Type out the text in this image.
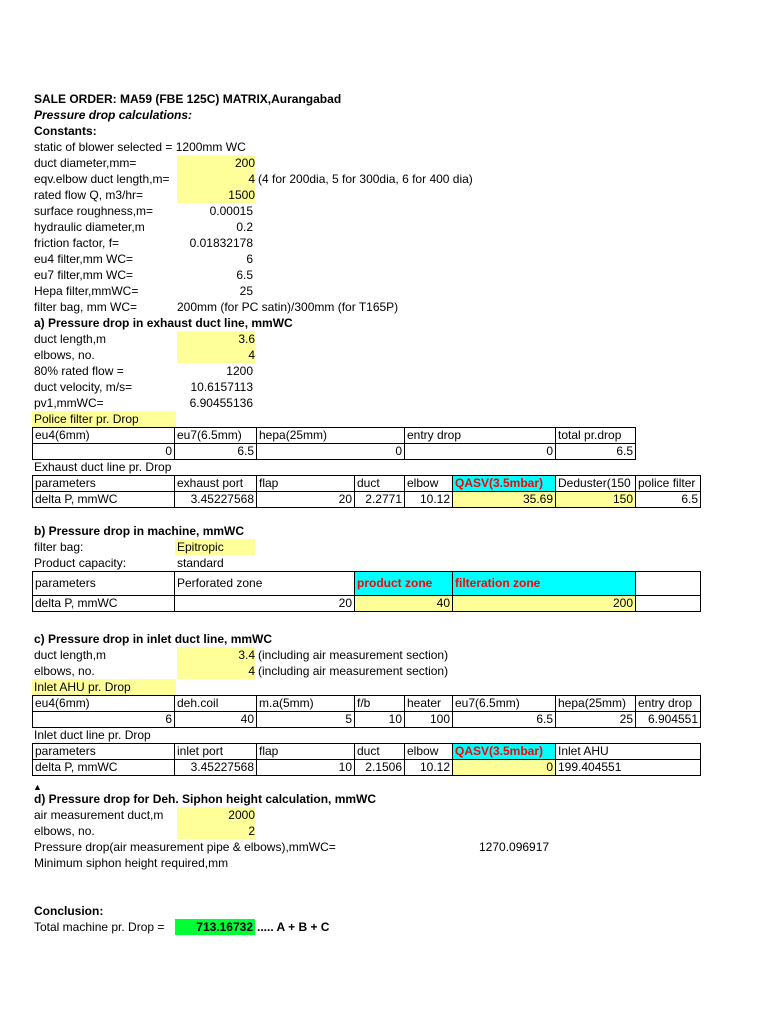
SALE ORDER: MA59 (FBE 125C) MATRIX,Aurangabad
Pressure drop calculations:
Constants:
static of blower selected = 1200mm WC
duct diameter,mm=	200
eqv.elbow duct length,m=	4 (4 for 200dia, 5 for 300dia, 6 for 400 dia)
rated flow Q, m3/hr=	1500
surface roughness,m=	0.00015
hydraulic diameter,m	0.2
friction factor, f=	0.01832178
eu4 filter,mm WC=	6
eu7 filter,mm WC=	6.5
Hepa filter,mmWC=	25
filter bag, mm WC=	200mm (for PC satin)/300mm (for T165P)
a) Pressure drop in exhaust duct line, mmWC
duct length,m	3.6
elbows, no.	4
80% rated flow =	1200
duct velocity, m/s=	10.6157113
pv1,mmWC=	6.90455136
Police filter pr. Drop
eu4(6mm)	eu7(6.5mm)	hepa(25mm)	entry drop	total pr.drop
0	6.5	0	0	6.5
Exhaust duct line pr. Drop
parameters	exhaust port	flap	duct	elbow	QASV(3.5mbar)	Deduster(150	police filter
delta P, mmWC	3.45227568	20	2.2771	10.12	35.69	150	6.5
b) Pressure drop in machine, mmWC
filter bag:	Epitropic
Product capacity:	standard
parameters	Perforated zone	product zone	filteration zone	
delta P, mmWC	20	40	200	
c) Pressure drop in inlet duct line, mmWC
duct length,m	3.4 (including air measurement section)
elbows, no.	4 (including air measurement section)
Inlet AHU pr. Drop
eu4(6mm)	deh.coil	m.a(5mm)	f/b	heater	eu7(6.5mm)	hepa(25mm)	entry drop
6	40	5	10	100	6.5	25	6.904551
Inlet duct line pr. Drop
parameters	inlet port	flap	duct	elbow	QASV(3.5mbar)	Inlet AHU
delta P, mmWC	3.45227568	10	2.1506	10.12	0	199.404551
▲
d) Pressure drop for Deh. Siphon height calculation, mmWC
air measurement duct,m	2000
elbows, no.	2
Pressure drop(air measurement pipe & elbows),mmWC=	1270.096917
Minimum siphon height required,mm
Conclusion:
Total machine pr. Drop =	713.16732 ..... A + B + C
